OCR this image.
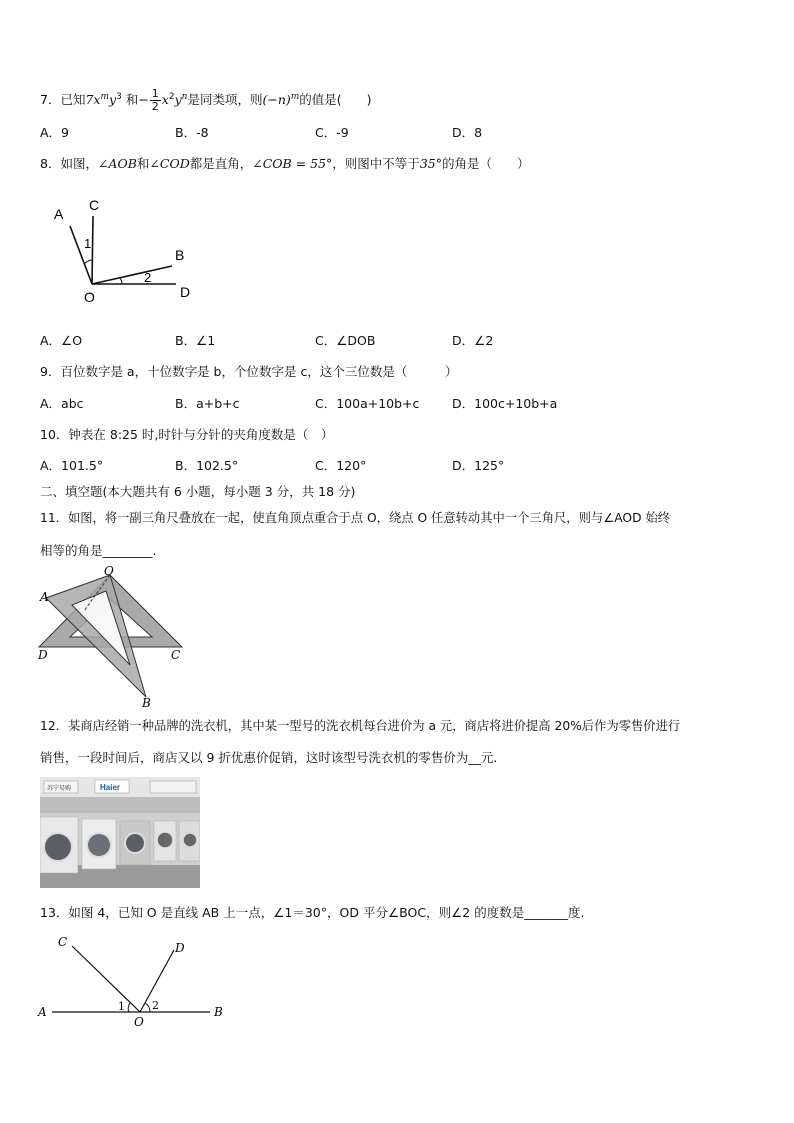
7．已知$7x^my^3$ 和− $\frac{1}{2} x^2y^n$是同类项，则$(-n)^m$的值是(　　)
A．9	B．-8	C．-9	D．8
8．如图，∠AOB和∠COD都是直角，∠COB = 55°，则图中不等于35°的角是（　　）
A
C
1
B
2
O	D
A．∠O	B．∠1	C．∠DOB	D．∠2
9．百位数字是 a，十位数字是 b，个位数字是 c，这个三位数是（　　　）
A．abc	B．a+b+c	C．100a+10b+c	D．100c+10b+a
10．钟表在 8:25 时,时针与分针的夹角度数是（　）
A．101.5°	B．102.5°	C．120°	D．125°
二、填空题(本大题共有 6 小题，每小题 3 分，共 18 分)
11．如图，将一副三角尺叠放在一起，使直角顶点重合于点 O，绕点 O 任意转动其中一个三角尺，则与∠AOD 始终
相等的角是________.
O
A
D	C
B
12．某商店经销一种品牌的洗衣机，其中某一型号的洗衣机每台进价为 a 元，商店将进价提高 20%后作为零售价进行
销售，一段时间后，商店又以 9 折优惠价促销，这时该型号洗衣机的零售价为__元.
Haier
苏宁易购
13．如图 4，已知 O 是直线 AB 上一点，∠1＝30°，OD 平分∠BOC，则∠2 的度数是_______度.
C	D
A	1 2
O
B
